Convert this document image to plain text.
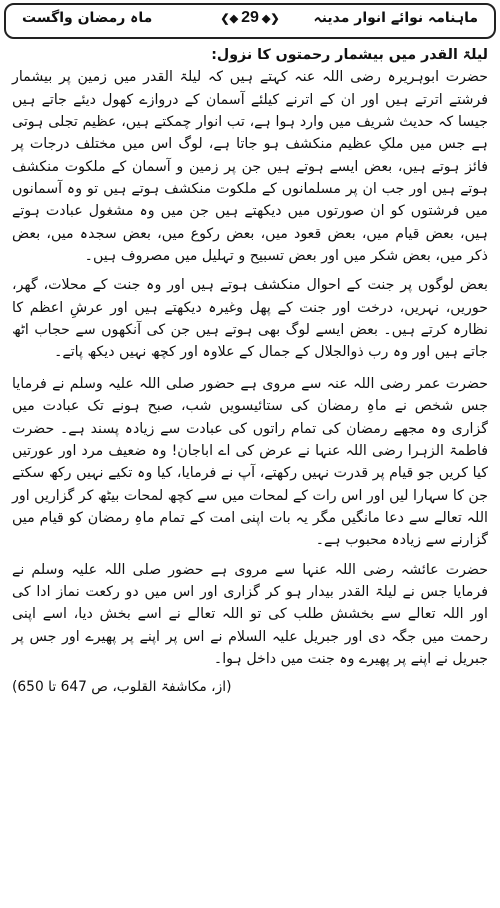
ماہنامہ نوائے انوار مدینہ
❮◆ 29 ◆❯
ماہ رمضان واگست

لیلۃ القدر میں بیشمار رحمتوں کا نزول:

حضرت ابوہریرہ رضی اللہ عنہ کہتے ہیں کہ لیلۃ القدر میں زمین پر بیشمار فرشتے اترتے ہیں اور ان کے اترنے کیلئے آسمان کے دروازے کھول دیئے جاتے ہیں جیسا کہ حدیث شریف میں وارد ہوا ہے، تب انوار چمکتے ہیں، عظیم تجلی ہوتی ہے جس میں ملکِ عظیم منکشف ہو جاتا ہے، لوگ اس میں مختلف درجات پر فائز ہوتے ہیں، بعض ایسے ہوتے ہیں جن پر زمین و آسمان کے ملکوت منکشف ہوتے ہیں اور جب ان پر مسلمانوں کے ملکوت منکشف ہوتے ہیں تو وہ آسمانوں میں فرشتوں کو ان صورتوں میں دیکھتے ہیں جن میں وہ مشغول عبادت ہوتے ہیں، بعض قیام میں، بعض قعود میں، بعض رکوع میں، بعض سجدہ میں، بعض ذکر میں، بعض شکر میں اور بعض تسبیح و تہلیل میں مصروف ہیں۔

بعض لوگوں پر جنت کے احوال منکشف ہوتے ہیں اور وہ جنت کے محلات، گھر، حوریں، نہریں، درخت اور جنت کے پھل وغیرہ دیکھتے ہیں اور عرشِ اعظم کا نظارہ کرتے ہیں۔ بعض ایسے لوگ بھی ہوتے ہیں جن کی آنکھوں سے حجاب اٹھ جاتے ہیں اور وہ رب ذوالجلال کے جمال کے علاوہ اور کچھ نہیں دیکھ پاتے۔

حضرت عمر رضی اللہ عنہ سے مروی ہے حضور صلی اللہ علیہ وسلم نے فرمایا جس شخص نے ماہِ رمضان کی ستائیسویں شب، صبح ہونے تک عبادت میں گزاری وہ مجھے رمضان کی تمام راتوں کی عبادت سے زیادہ پسند ہے۔ حضرت فاطمۃ الزہرا رضی اللہ عنہا نے عرض کی اے اباجان! وہ ضعیف مرد اور عورتیں کیا کریں جو قیام پر قدرت نہیں رکھتے، آپ نے فرمایا، کیا وہ تکیے نہیں رکھ سکتے جن کا سہارا لیں اور اس رات کے لمحات میں سے کچھ لمحات بیٹھ کر گزاریں اور اللہ تعالے سے دعا مانگیں مگر یہ بات اپنی امت کے تمام ماہِ رمضان کو قیام میں گزارنے سے زیادہ محبوب ہے۔

حضرت عائشہ رضی اللہ عنہا سے مروی ہے حضور صلی اللہ علیہ وسلم نے فرمایا جس نے لیلۃ القدر بیدار ہو کر گزاری اور اس میں دو رکعت نماز ادا کی اور اللہ تعالے سے بخشش طلب کی تو اللہ تعالے نے اسے بخش دیا، اسے اپنی رحمت میں جگہ دی اور جبریل علیہ السلام نے اس پر اپنے پر پھیرے اور جس پر جبریل نے اپنے پر پھیرے وہ جنت میں داخل ہوا۔

(از، مکاشفۃ القلوب، ص 647 تا 650)
